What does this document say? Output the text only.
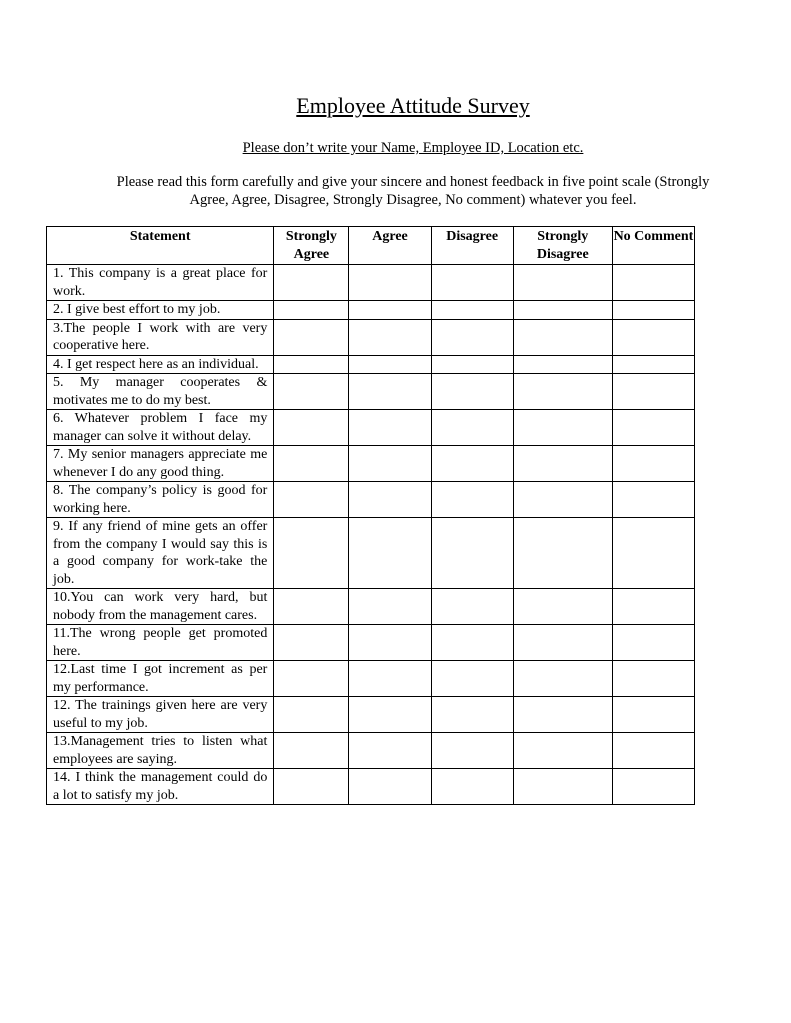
Employee Attitude Survey
Please don’t write your Name, Employee ID, Location etc.
Please read this form carefully and give your sincere and honest feedback in five point scale (Strongly Agree, Agree, Disagree, Strongly Disagree, No comment) whatever you feel.
Statement	Strongly Agree	Agree	Disagree	Strongly Disagree	No Comment
1. This company is a great place for work.					
2. I give best effort to my job.					
3.The people I work with are very cooperative here.					
4. I get respect here as an individual.					
5. My manager cooperates & motivates me to do my best.					
6. Whatever problem I face my manager can solve it without delay.					
7. My senior managers appreciate me whenever I do any good thing.					
8. The company’s policy is good for working here.					
9. If any friend of mine gets an offer from the company I would say this is a good company for work-take the job.					
10.You can work very hard, but nobody from the management cares.					
11.The wrong people get promoted here.					
12.Last time I got increment as per my performance.					
12. The trainings given here are very useful to my job.					
13.Management tries to listen what employees are saying.					
14. I think the management could do a lot to satisfy my job.					
